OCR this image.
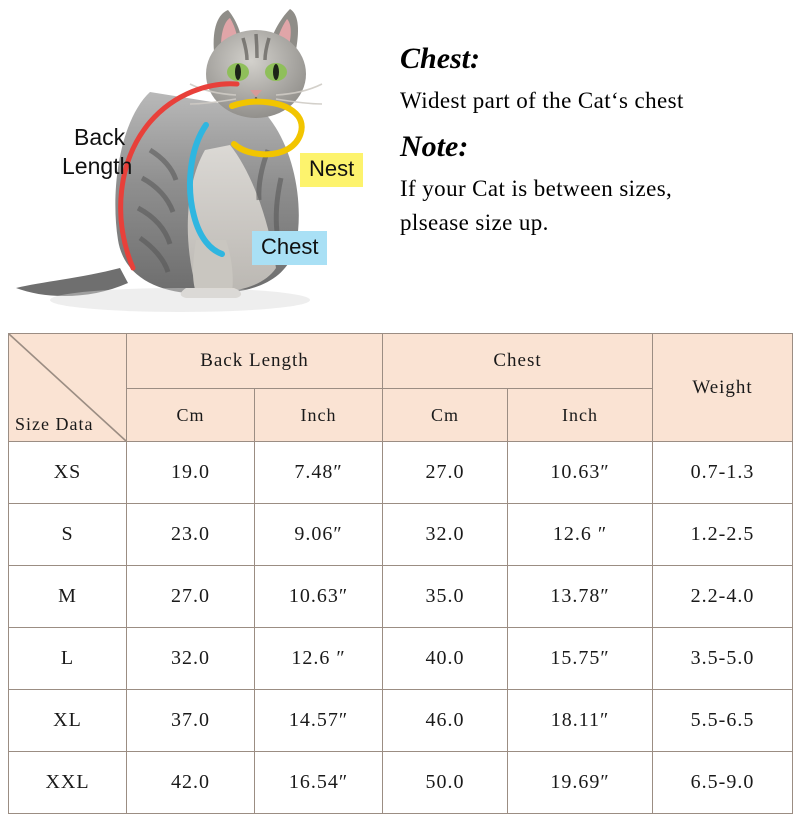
Back
Length	Nest
Chest

Chest:

Widest part of the Cat‘s chest

Note:

If your Cat is between sizes,

plsease size up.

Size Data	Back Length		Chest		Weight
	Cm	Inch	Cm	Inch	
XS	19.0	7.48″	27.0	10.63″	0.7-1.3
S	23.0	9.06″	32.0	12.6 ″	1.2-2.5
M	27.0	10.63″	35.0	13.78″	2.2-4.0
L	32.0	12.6 ″	40.0	15.75″	3.5-5.0
XL	37.0	14.57″	46.0	18.11″	5.5-6.5
XXL	42.0	16.54″	50.0	19.69″	6.5-9.0
